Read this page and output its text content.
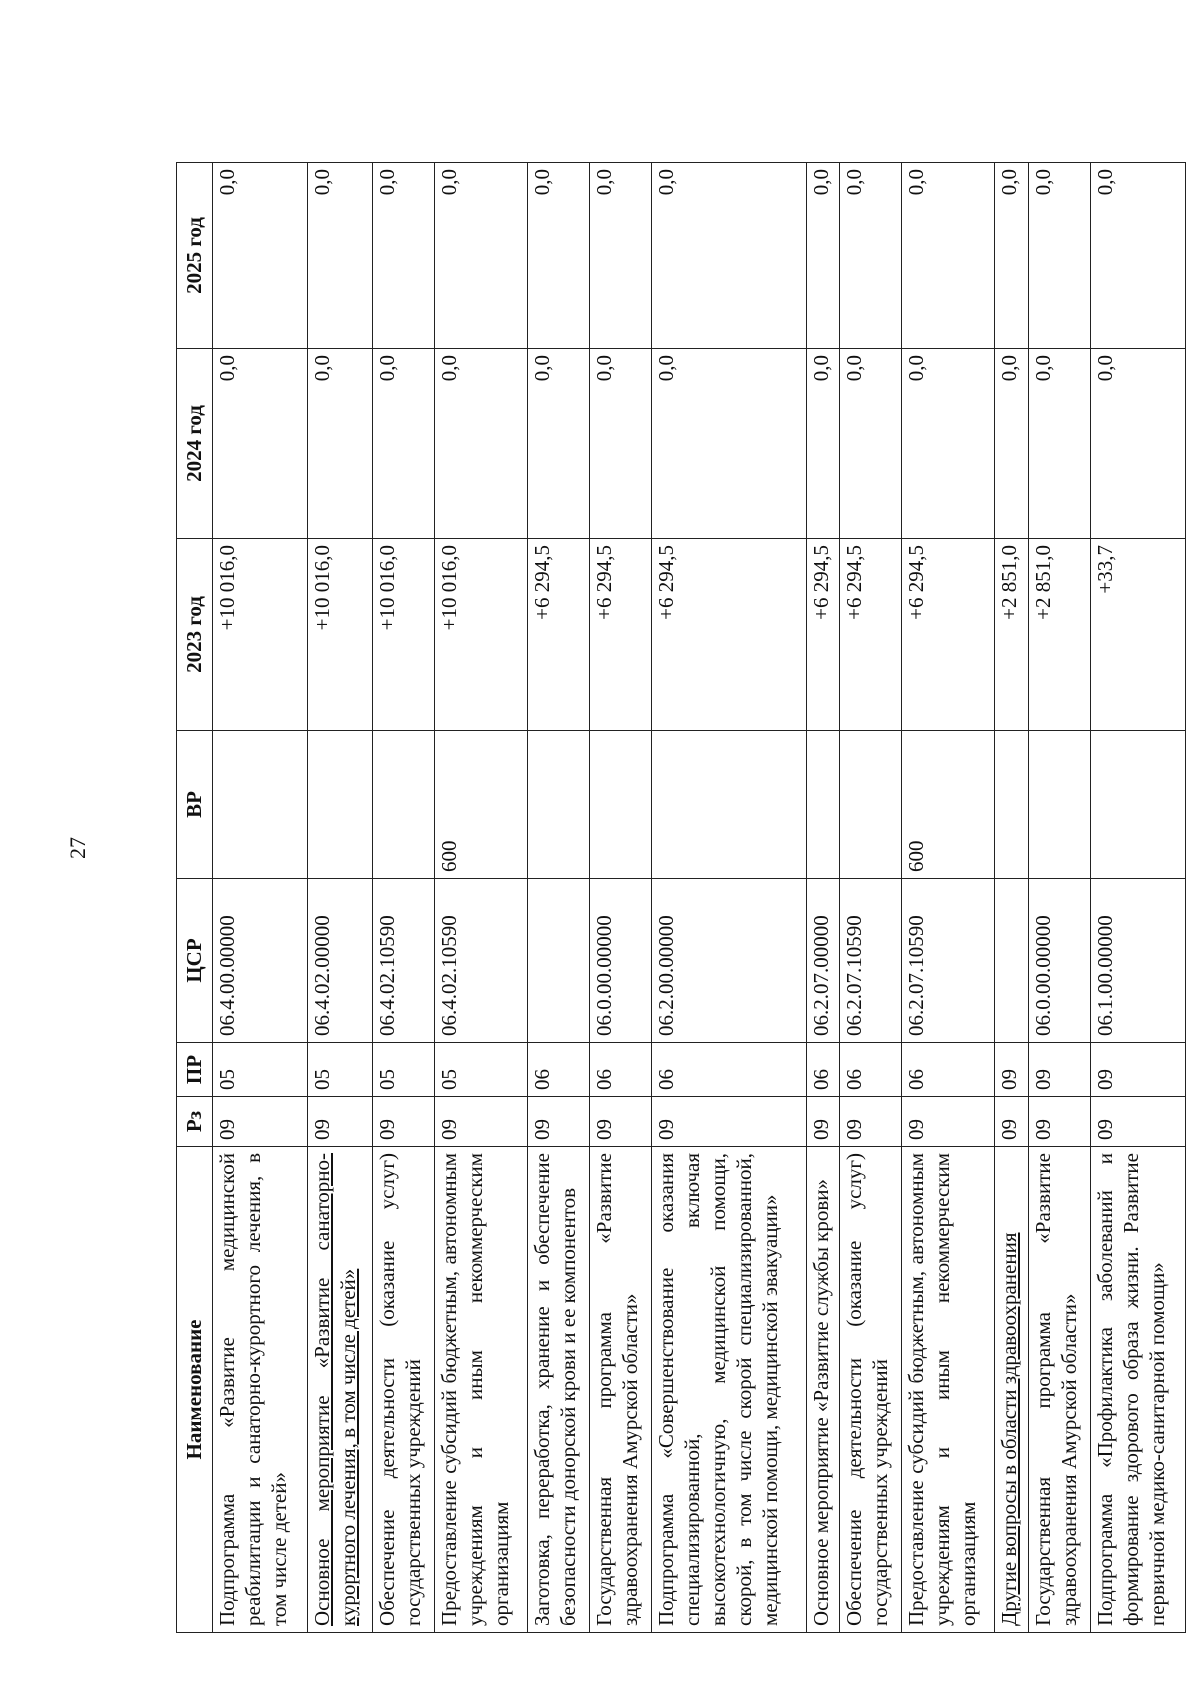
27
Наименование	Рз	ПР	ЦСР	ВР	2023 год	2024 год	2025 год
Подпрограмма «Развитие медицинской реабилитации и санаторно-курортного лечения, в том числе детей»	09	05	06.4.00.00000		+10 016,0	0,0	0,0
Основное мероприятие «Развитие санаторно-курортного лечения, в том числе детей»	09	05	06.4.02.00000		+10 016,0	0,0	0,0
Обеспечение деятельности (оказание услуг) государственных учреждений	09	05	06.4.02.10590		+10 016,0	0,0	0,0
Предоставление субсидий бюджетным, автономным учреждениям и иным некоммерческим организациям	09	05	06.4.02.10590	600	+10 016,0	0,0	0,0
Заготовка, переработка, хранение и обеспечение безопасности донорской крови и ее компонентов	09	06			+6 294,5	0,0	0,0
Государственная программа «Развитие здравоохранения Амурской области»	09	06	06.0.00.00000		+6 294,5	0,0	0,0
Подпрограмма «Совершенствование оказания специализированной, включая высокотехнологичную, медицинской помощи, скорой, в том числе скорой специализированной, медицинской помощи, медицинской эвакуации»	09	06	06.2.00.00000		+6 294,5	0,0	0,0
Основное мероприятие «Развитие службы крови»	09	06	06.2.07.00000		+6 294,5	0,0	0,0
Обеспечение деятельности (оказание услуг) государственных учреждений	09	06	06.2.07.10590		+6 294,5	0,0	0,0
Предоставление субсидий бюджетным, автономным учреждениям и иным некоммерческим организациям	09	06	06.2.07.10590	600	+6 294,5	0,0	0,0
Другие вопросы в области здравоохранения	09	09			+2 851,0	0,0	0,0
Государственная программа «Развитие здравоохранения Амурской области»	09	09	06.0.00.00000		+2 851,0	0,0	0,0
Подпрограмма «Профилактика заболеваний и формирование здорового образа жизни. Развитие первичной медико-санитарной помощи»	09	09	06.1.00.00000		+33,7	0,0	0,0
